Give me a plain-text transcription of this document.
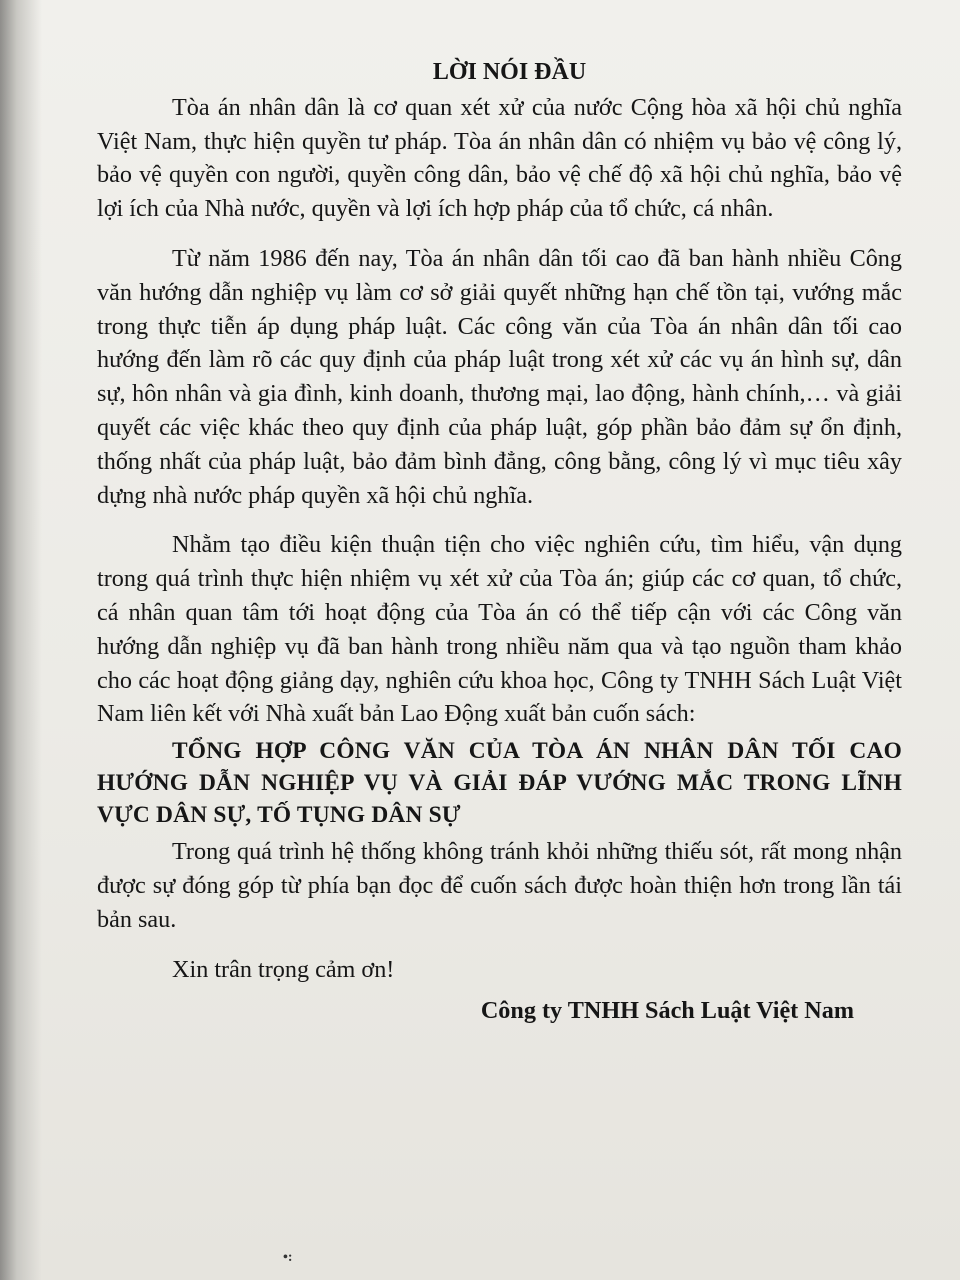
LỜI NÓI ĐẦU

Tòa án nhân dân là cơ quan xét xử của nước Cộng hòa xã hội chủ nghĩa Việt Nam, thực hiện quyền tư pháp. Tòa án nhân dân có nhiệm vụ bảo vệ công lý, bảo vệ quyền con người, quyền công dân, bảo vệ chế độ xã hội chủ nghĩa, bảo vệ lợi ích của Nhà nước, quyền và lợi ích hợp pháp của tổ chức, cá nhân.

Từ năm 1986 đến nay, Tòa án nhân dân tối cao đã ban hành nhiều Công văn hướng dẫn nghiệp vụ làm cơ sở giải quyết những hạn chế tồn tại, vướng mắc trong thực tiễn áp dụng pháp luật. Các công văn của Tòa án nhân dân tối cao hướng đến làm rõ các quy định của pháp luật trong xét xử các vụ án hình sự, dân sự, hôn nhân và gia đình, kinh doanh, thương mại, lao động, hành chính,… và giải quyết các việc khác theo quy định của pháp luật, góp phần bảo đảm sự ổn định, thống nhất của pháp luật, bảo đảm bình đẳng, công bằng, công lý vì mục tiêu xây dựng nhà nước pháp quyền xã hội chủ nghĩa.

Nhằm tạo điều kiện thuận tiện cho việc nghiên cứu, tìm hiểu, vận dụng trong quá trình thực hiện nhiệm vụ xét xử của Tòa án; giúp các cơ quan, tổ chức, cá nhân quan tâm tới hoạt động của Tòa án có thể tiếp cận với các Công văn hướng dẫn nghiệp vụ đã ban hành trong nhiều năm qua và tạo nguồn tham khảo cho các hoạt động giảng dạy, nghiên cứu khoa học, Công ty TNHH Sách Luật Việt Nam liên kết với Nhà xuất bản Lao Động xuất bản cuốn sách:

TỔNG HỢP CÔNG VĂN CỦA TÒA ÁN NHÂN DÂN TỐI CAO HƯỚNG DẪN NGHIỆP VỤ VÀ GIẢI ĐÁP VƯỚNG MẮC TRONG LĨNH VỰC DÂN SỰ, TỐ TỤNG DÂN SỰ

Trong quá trình hệ thống không tránh khỏi những thiếu sót, rất mong nhận được sự đóng góp từ phía bạn đọc để cuốn sách được hoàn thiện hơn trong lần tái bản sau.

Xin trân trọng cảm ơn!

Công ty TNHH Sách Luật Việt Nam

•:
